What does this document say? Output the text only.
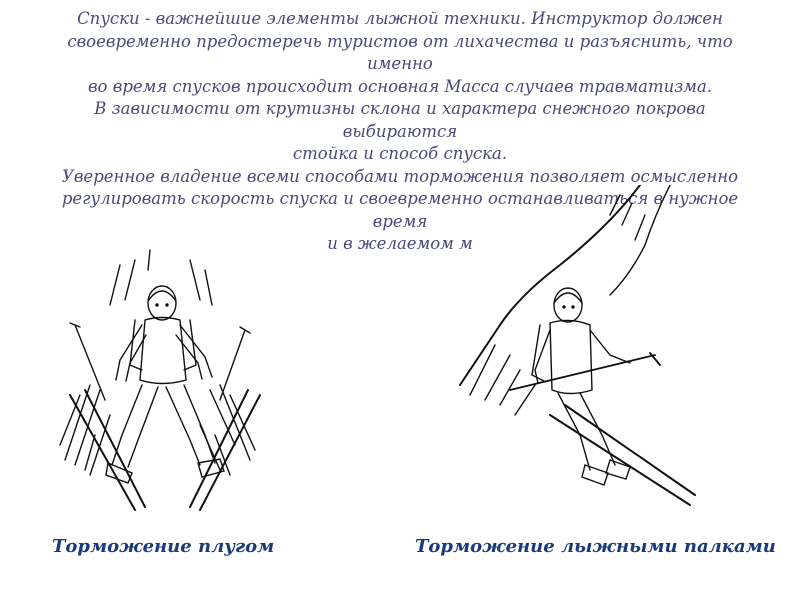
Спуски - важнейшие элементы лыжной техники. Инструктор должен

своевременно предостеречь туристов от лихачества и разъяснить, что именно

во время спусков происходит основная Масса случаев травматизма.

В зависимости от крутизны склона и характера снежного покрова выбираются

стойка и способ спуска.

Уверенное владение всеми способами торможения позволяет осмысленно

регулировать скорость спуска и своевременно останавливаться в нужное время

и в желаемом м

Торможение плугом	Торможение лыжными палками
